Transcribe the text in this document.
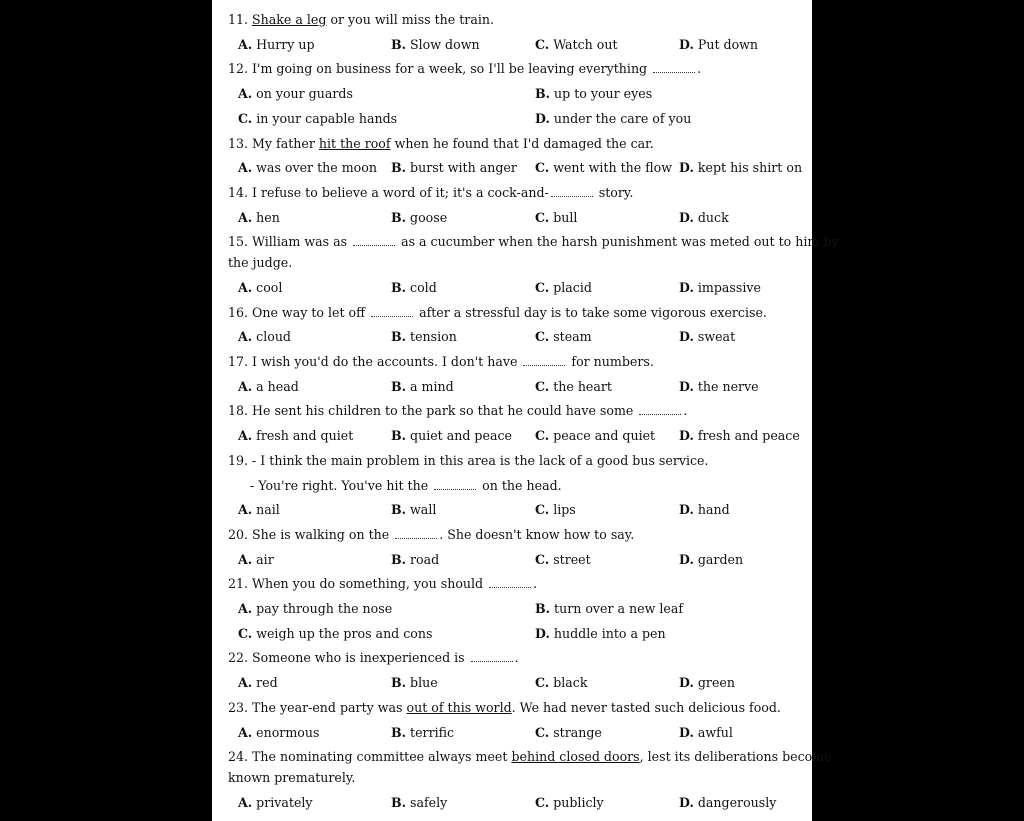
11. Shake a leg or you will miss the train.
A. Hurry up	B. Slow down	C. Watch out	D. Put down
12. I'm going on business for a week, so I'll be leaving everything	.
A. on your guards	B. up to your eyes
C. in your capable hands	D. under the care of you
13. My father hit the roof when he found that I'd damaged the car.
A. was over the moon B. burst with anger C. went with the flow D. kept his shirt on
14. I refuse to believe a word of it; it's a cock-and-	story.
A. hen	B. goose	C. bull	D. duck
15. William was as	as a cucumber when the harsh punishment was meted out to him by
the judge.
A. cool	B. cold	C. placid	D. impassive
16. One way to let off	after a stressful day is to take some vigorous exercise.
A. cloud	B. tension	C. steam	D. sweat
17. I wish you'd do the accounts. I don't have	for numbers.
A. a head	B. a mind	C. the heart	D. the nerve
18. He sent his children to the park so that he could have some	.
A. fresh and quiet	B. quiet and peace C. peace and quiet D. fresh and peace
19. - I think the main problem in this area is the lack of a good bus service.
- You're right. You've hit the	on the head.
A. nail	B. wall	C. lips	D. hand
20. She is walking on the	. She doesn't know how to say.
A. air	B. road	C. street	D. garden
21. When you do something, you should	.
A. pay through the nose	B. turn over a new leaf
C. weigh up the pros and cons	D. huddle into a pen
22. Someone who is inexperienced is	.
A. red	B. blue	C. black	D. green
23. The year-end party was out of this world. We had never tasted such delicious food.
A. enormous	B. terrific	C. strange	D. awful
24. The nominating committee always meet behind closed doors, lest its deliberations become
known prematurely.
A. privately	B. safely	C. publicly	D. dangerously
